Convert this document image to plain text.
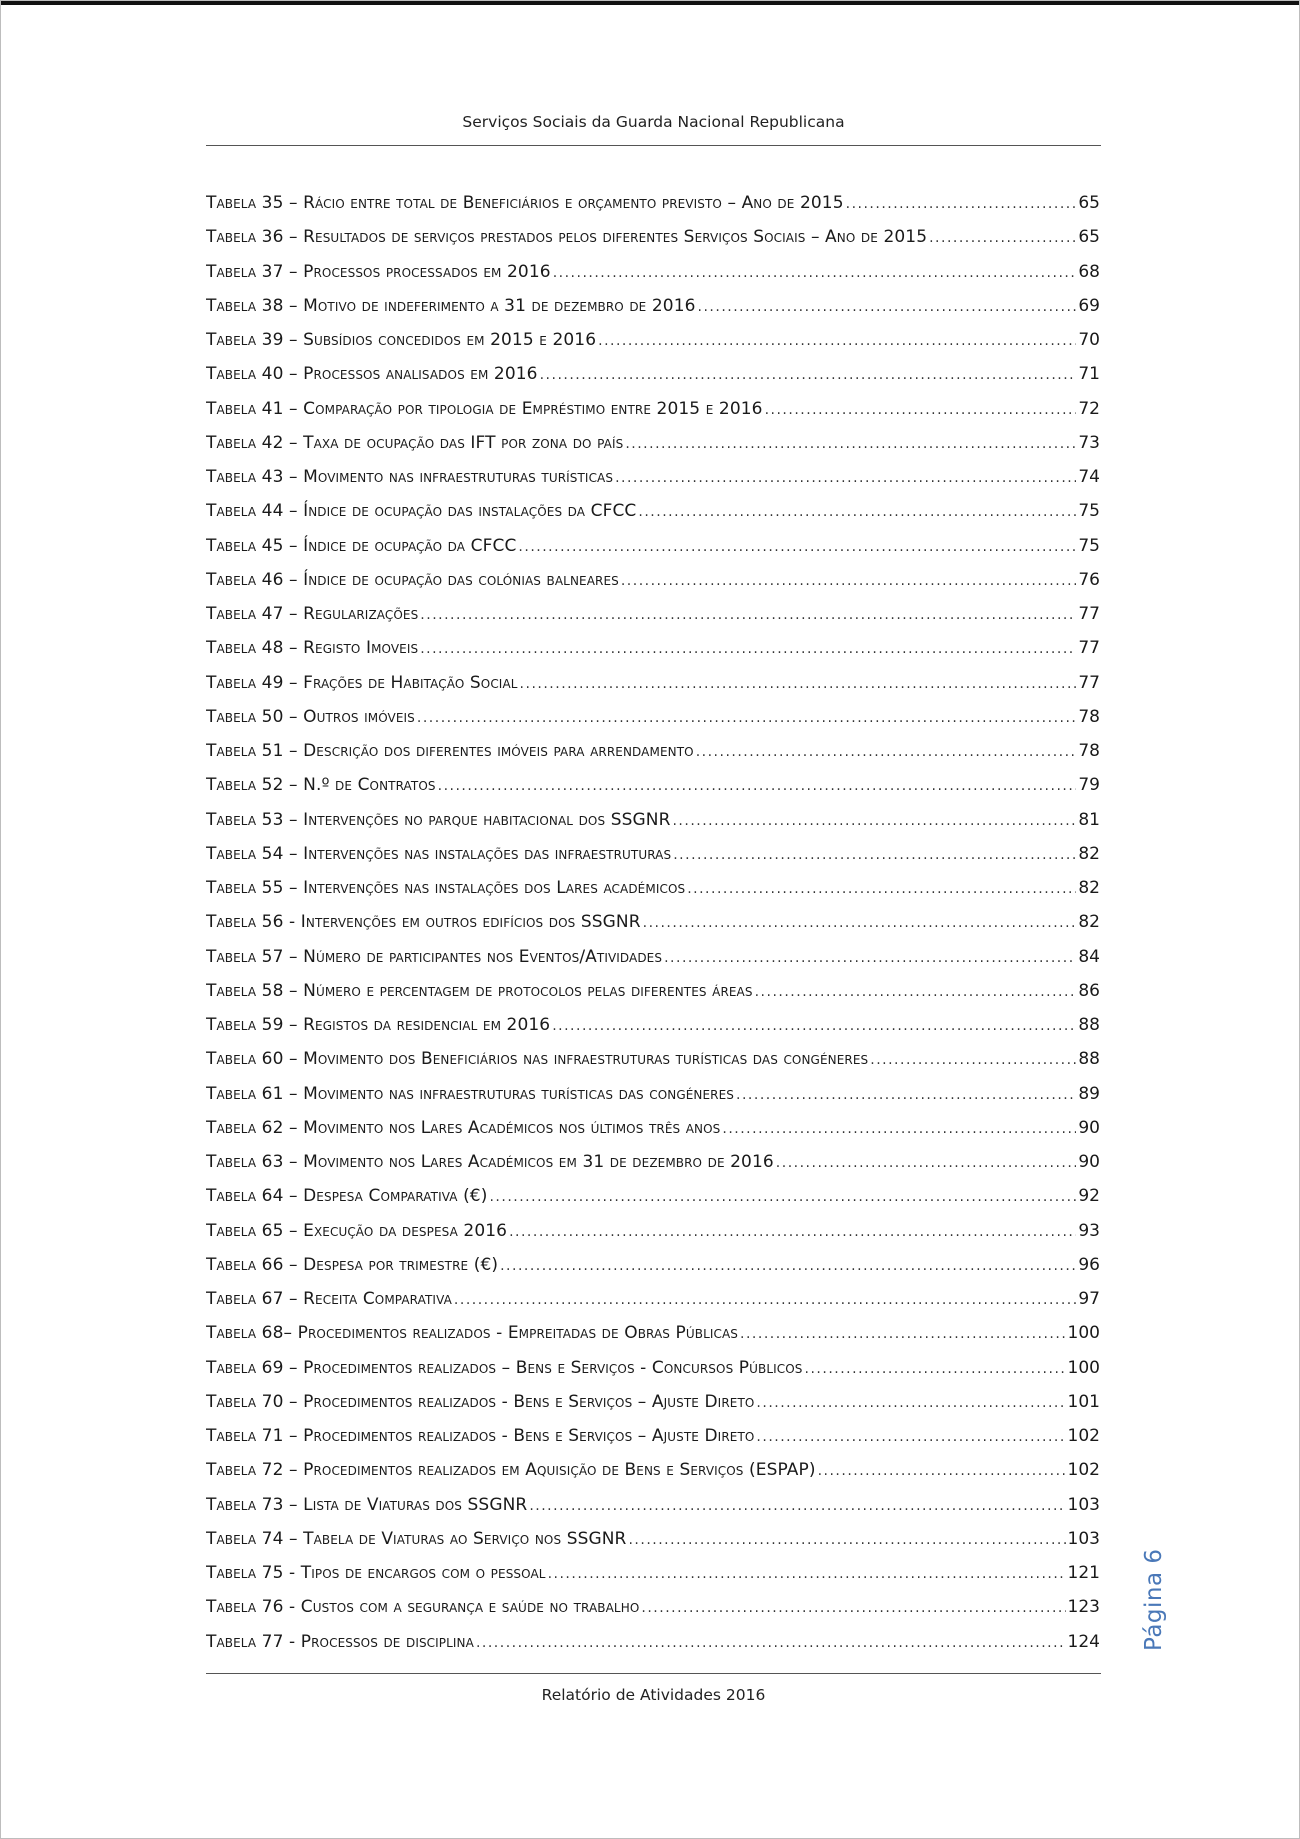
Serviços Sociais da Guarda Nacional Republicana
Tabela 35 – Rácio entre total de Beneficiários e orçamento previsto – Ano de 2015 .....	65
Tabela 36 – Resultados de serviços prestados pelos diferentes Serviços Sociais – Ano de 2015 .....	65
Tabela 37 – Processos processados em 2016 .....	68
Tabela 38 – Motivo de indeferimento a 31 de dezembro de 2016 .....	69
Tabela 39 – Subsídios concedidos em 2015 e 2016 .....	70
Tabela 40 – Processos analisados em 2016 .....	71
Tabela 41 – Comparação por tipologia de Empréstimo entre 2015 e 2016 .....	72
Tabela 42 – Taxa de ocupação das IFT por zona do país .....	73
Tabela 43 – Movimento nas infraestruturas turísticas .....	74
Tabela 44 – Índice de ocupação das instalações da CFCC .....	75
Tabela 45 – Índice de ocupação da CFCC .....	75
Tabela 46 – Índice de ocupação das colónias balneares .....	76
Tabela 47 – Regularizações .....	77
Tabela 48 – Registo Imoveis .....	77
Tabela 49 – Frações de Habitação Social .....	77
Tabela 50 – Outros imóveis .....	78
Tabela 51 – Descrição dos diferentes imóveis para arrendamento .....	78
Tabela 52 – N.º de Contratos .....	79
Tabela 53 – Intervenções no parque habitacional dos SSGNR .....	81
Tabela 54 – Intervenções nas instalações das infraestruturas .....	82
Tabela 55 – Intervenções nas instalações dos Lares académicos .....	82
Tabela 56 - Intervenções em outros edifícios dos SSGNR .....	82
Tabela 57 – Número de participantes nos Eventos/Atividades .....	84
Tabela 58 – Número e percentagem de protocolos pelas diferentes áreas .....	86
Tabela 59 – Registos da residencial em 2016 .....	88
Tabela 60 – Movimento dos Beneficiários nas infraestruturas turísticas das congéneres .....	88
Tabela 61 – Movimento nas infraestruturas turísticas das congéneres .....	89
Tabela 62 – Movimento nos Lares Académicos nos últimos três anos .....	90
Tabela 63 – Movimento nos Lares Académicos em 31 de dezembro de 2016 .....	90
Tabela 64 – Despesa Comparativa (€) .....	92
Tabela 65 – Execução da despesa 2016 .....	93
Tabela 66 – Despesa por trimestre (€) .....	96
Tabela 67 – Receita Comparativa .....	97
Tabela 68– Procedimentos realizados - Empreitadas de Obras Públicas .....	100
Tabela 69 – Procedimentos realizados – Bens e Serviços - Concursos Públicos .....	100
Tabela 70 – Procedimentos realizados - Bens e Serviços – Ajuste Direto .....	101
Tabela 71 – Procedimentos realizados - Bens e Serviços – Ajuste Direto .....	102
Tabela 72 – Procedimentos realizados em Aquisição de Bens e Serviços (ESPAP) .....	102
Tabela 73 – Lista de Viaturas dos SSGNR .....	103
Tabela 74 – Tabela de Viaturas ao Serviço nos SSGNR .....	103
Tabela 75 - Tipos de encargos com o pessoal .....	121
Tabela 76 - Custos com a segurança e saúde no trabalho .....	123
Tabela 77 - Processos de disciplina .....	124
Relatório de Atividades 2016
Página 6
